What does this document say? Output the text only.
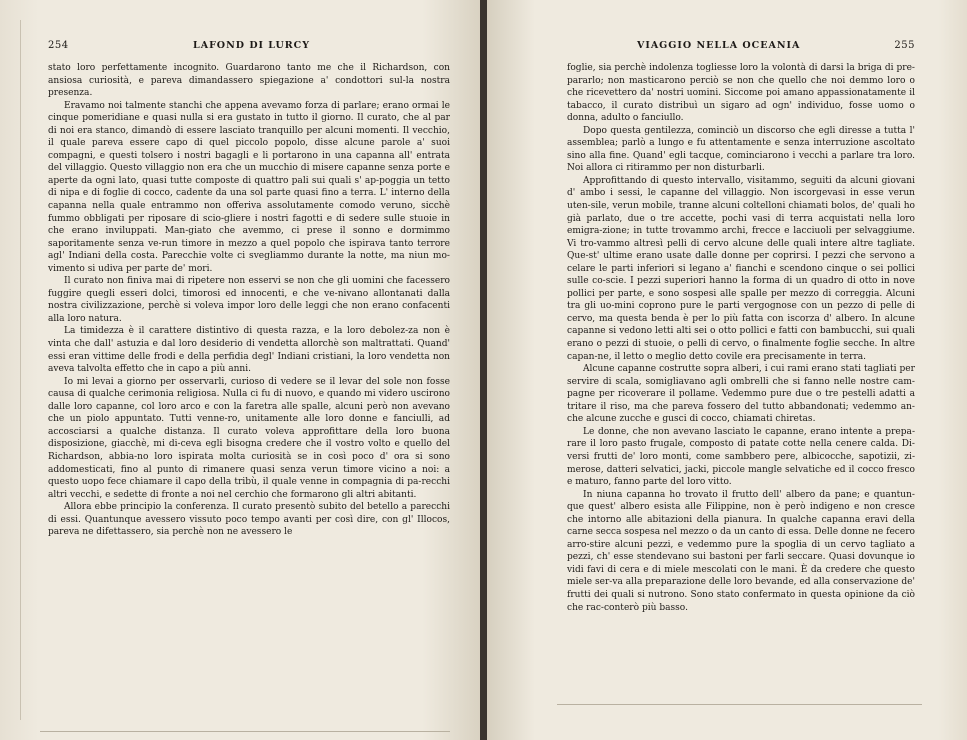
254	LAFOND DI LURCY

stato loro perfettamente incognito. Guardarono tanto me che il Richardson, con ansiosa curiosità, e pareva dimandassero spiegazione a' condottori sul-la nostra presenza.

Eravamo noi talmente stanchi che appena avevamo forza di parlare; erano ormai le cinque pomeridiane e quasi nulla si era gustato in tutto il giorno. Il curato, che al par di noi era stanco, dimandò di essere lasciato tranquillo per alcuni momenti. Il vecchio, il quale pareva essere capo di quel piccolo popolo, disse alcune parole a' suoi compagni, e questi tolsero i nostri bagagli e li portarono in una capanna all' entrata del villaggio. Questo villaggio non era che un mucchio di misere capanne senza porte e aperte da ogni lato, quasi tutte composte di quattro pali sui quali s' ap-poggia un tetto di nipa e di foglie di cocco, cadente da una sol parte quasi fino a terra. L' interno della capanna nella quale entrammo non offeriva assolutamente comodo veruno, sicchè fummo obbligati per riposare di scio-gliere i nostri fagotti e di sedere sulle stuoie in che erano inviluppati. Man-giato che avemmo, ci prese il sonno e dormimmo saporitamente senza ve-run timore in mezzo a quel popolo che ispirava tanto terrore agl' Indiani della costa. Parecchie volte ci svegliammo durante la notte, ma niun mo-vimento si udiva per parte de' mori.

Il curato non finiva mai di ripetere non esservi se non che gli uomini che facessero fuggire quegli esseri dolci, timorosi ed innocenti, e che ve-nivano allontanati dalla nostra civilizzazione, perchè si voleva impor loro delle leggi che non erano confacenti alla loro natura.

La timidezza è il carattere distintivo di questa razza, e la loro debolez-za non è vinta che dall' astuzia e dal loro desiderio di vendetta allorchè son maltrattati. Quand' essi eran vittime delle frodi e della perfidia degl' Indiani cristiani, la loro vendetta non aveva talvolta effetto che in capo a più anni.

Io mi levai a giorno per osservarli, curioso di vedere se il levar del sole non fosse causa di qualche cerimonia religiosa. Nulla ci fu di nuovo, e quando mi videro uscirono dalle loro capanne, col loro arco e con la faretra alle spalle, alcuni però non avevano che un piolo appuntato. Tutti venne-ro, unitamente alle loro donne e fanciulli, ad accosciarsi a qualche distanza. Il curato voleva approfittare della loro buona disposizione, giacchè, mi di-ceva egli bisogna credere che il vostro volto e quello del Richardson, abbia-no loro ispirata molta curiosità se in così poco d' ora si sono addomesticati, fino al punto di rimanere quasi senza verun timore vicino a noi: a questo uopo fece chiamare il capo della tribù, il quale venne in compagnia di pa-recchi altri vecchi, e sedette di fronte a noi nel cerchio che formarono gli altri abitanti.

Allora ebbe principio la conferenza. Il curato presentò subito del betello a parecchi di essi. Quantunque avessero vissuto poco tempo avanti per così dire, con gl' Illocos, pareva ne difettassero, sia perchè non ne avessero le

VIAGGIO NELLA OCEANIA	255

foglie, sia perchè indolenza togliesse loro la volontà di darsi la briga di pre-pararlo; non masticarono perciò se non che quello che noi demmo loro o che ricevettero da' nostri uomini. Siccome poi amano appassionatamente il tabacco, il curato distribuì un sigaro ad ogn' individuo, fosse uomo o donna, adulto o fanciullo.

Dopo questa gentilezza, cominciò un discorso che egli diresse a tutta l' assemblea; parlò a lungo e fu attentamente e senza interruzione ascoltato sino alla fine. Quand' egli tacque, cominciarono i vecchi a parlare tra loro. Noi allora ci ritirammo per non disturbarli.

Approfittando di questo intervallo, visitammo, seguiti da alcuni giovani d' ambo i sessi, le capanne del villaggio. Non iscorgevasi in esse verun uten-sile, verun mobile, tranne alcuni coltelloni chiamati bolos, de' quali ho già parlato, due o tre accette, pochi vasi di terra acquistati nella loro emigra-zione; in tutte trovammo archi, frecce e lacciuoli per selvaggiume. Vi tro-vammo altresì pelli di cervo alcune delle quali intere altre tagliate. Que-st' ultime erano usate dalle donne per coprirsi. I pezzi che servono a celare le parti inferiori si legano a' fianchi e scendono cinque o sei pollici sulle co-scie. I pezzi superiori hanno la forma di un quadro di otto in nove pollici per parte, e sono sospesi alle spalle per mezzo di correggia. Alcuni tra gli uo-mini coprono pure le parti vergognose con un pezzo di pelle di cervo, ma questa benda è per lo più fatta con iscorza d' albero. In alcune capanne si vedono letti alti sei o otto pollici e fatti con bambucchi, sui quali erano o pezzi di stuoie, o pelli di cervo, o finalmente foglie secche. In altre capan-ne, il letto o meglio detto covile era precisamente in terra.

Alcune capanne costrutte sopra alberi, i cui rami erano stati tagliati per servire di scala, somigliavano agli ombrelli che si fanno nelle nostre cam-pagne per ricoverare il pollame. Vedemmo pure due o tre pestelli adatti a tritare il riso, ma che pareva fossero del tutto abbandonati; vedemmo an-che alcune zucche e gusci di cocco, chiamati chiretas.

Le donne, che non avevano lasciato le capanne, erano intente a prepa-rare il loro pasto frugale, composto di patate cotte nella cenere calda. Di-versi frutti de' loro monti, come sambbero pere, albicocche, sapotizii, zi-merose, datteri selvatici, jacki, piccole mangle selvatiche ed il cocco fresco e maturo, fanno parte del loro vitto.

In niuna capanna ho trovato il frutto dell' albero da pane; e quantun-que quest' albero esista alle Filippine, non è però indigeno e non cresce che intorno alle abitazioni della pianura. In qualche capanna eravi della carne secca sospesa nel mezzo o da un canto di essa. Delle donne ne fecero arro-stire alcuni pezzi, e vedemmo pure la spoglia di un cervo tagliato a pezzi, ch' esse stendevano sui bastoni per farli seccare. Quasi dovunque io vidi favi di cera e di miele mescolati con le mani. È da credere che questo miele ser-va alla preparazione delle loro bevande, ed alla conservazione de' frutti dei quali si nutrono. Sono stato confermato in questa opinione da ciò che rac-conterò più basso.
